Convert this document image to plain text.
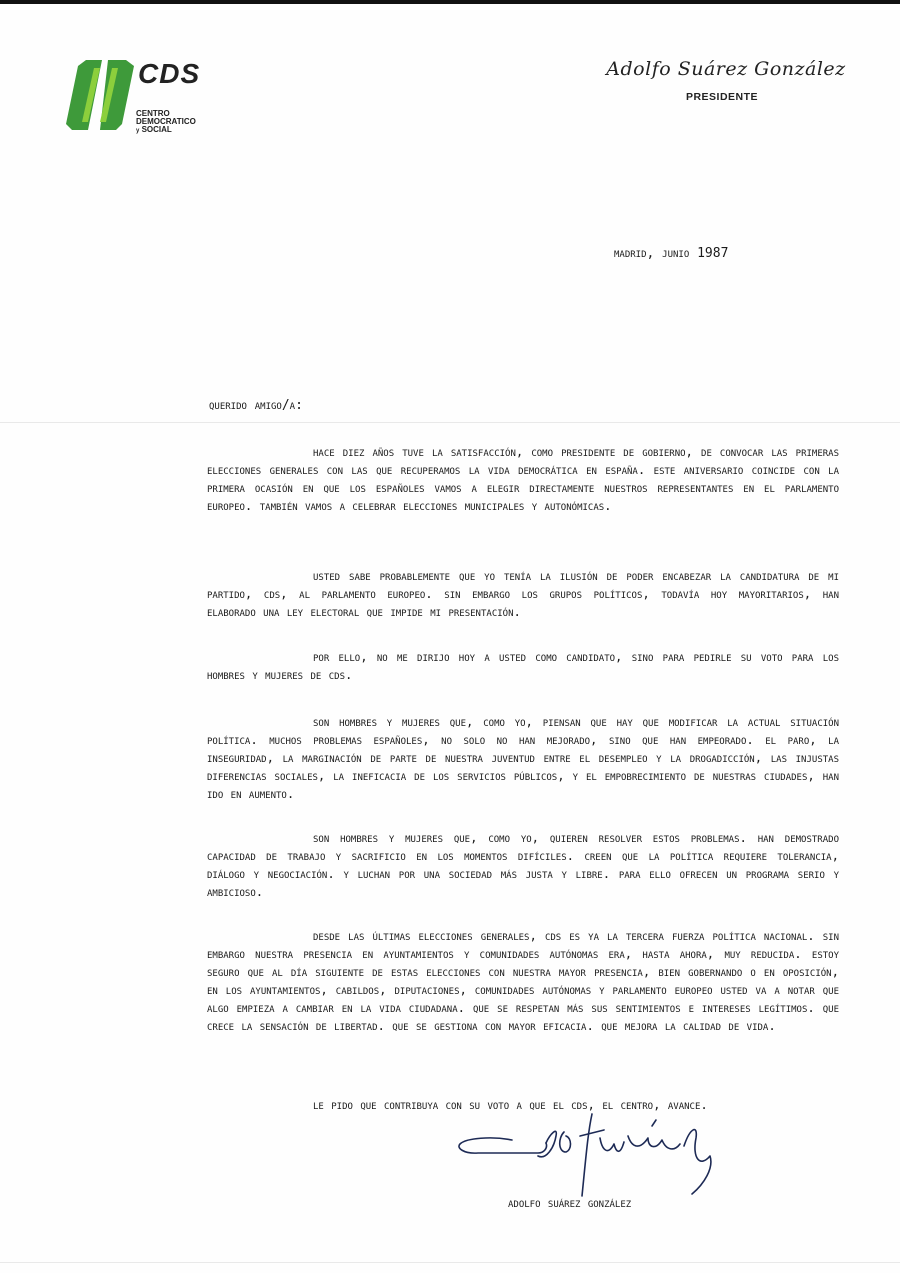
CDS
CENTRO
DEMOCRATICO
y SOCIAL
Adolfo Suárez González
PRESIDENTE
madrid, junio 1987
querido amigo/a:

hace diez años tuve la satisfacción, como presidente de gobierno, de convocar las primeras elecciones generales con las que recuperamos la vida democrática en españa. este aniversario coincide con la primera ocasión en que los españoles vamos a elegir directamente nuestros representantes en el parlamento europeo. también vamos a celebrar elecciones municipales y autonómicas.

usted sabe probablemente que yo tenía la ilusión de poder encabezar la candidatura de mi partido, cds, al parlamento europeo. sin embargo los grupos políticos, todavía hoy mayoritarios, han elaborado una ley electoral que impide mi presentación.

por ello, no me dirijo hoy a usted como candidato, sino para pedirle su voto para los hombres y mujeres de cds.

son hombres y mujeres que, como yo, piensan que hay que modificar la actual situación política. muchos problemas españoles, no solo no han mejorado, sino que han empeorado. el paro, la inseguridad, la marginación de parte de nuestra juventud entre el desempleo y la drogadicción, las injustas diferencias sociales, la ineficacia de los servicios públicos, y el empobrecimiento de nuestras ciudades, han ido en aumento.

son hombres y mujeres que, como yo, quieren resolver estos problemas. han demostrado capacidad de trabajo y sacrificio en los momentos difíciles. creen que la política requiere tolerancia, diálogo y negociación. y luchan por una sociedad más justa y libre. para ello ofrecen un programa serio y ambicioso.

desde las últimas elecciones generales, cds es ya la tercera fuerza política nacional. sin embargo nuestra presencia en ayuntamientos y comunidades autónomas era, hasta ahora, muy reducida. estoy seguro que al día siguiente de estas elecciones con nuestra mayor presencia, bien gobernando o en oposición, en los ayuntamientos, cabildos, diputaciones, comunidades autónomas y parlamento europeo usted va a notar que algo empieza a cambiar en la vida ciudadana. que se respetan más sus sentimientos e intereses legítimos. que crece la sensación de libertad. que se gestiona con mayor eficacia. que mejora la calidad de vida.

le pido que contribuya con su voto a que el cds, el centro, avance.
adolfo suárez gonzález
